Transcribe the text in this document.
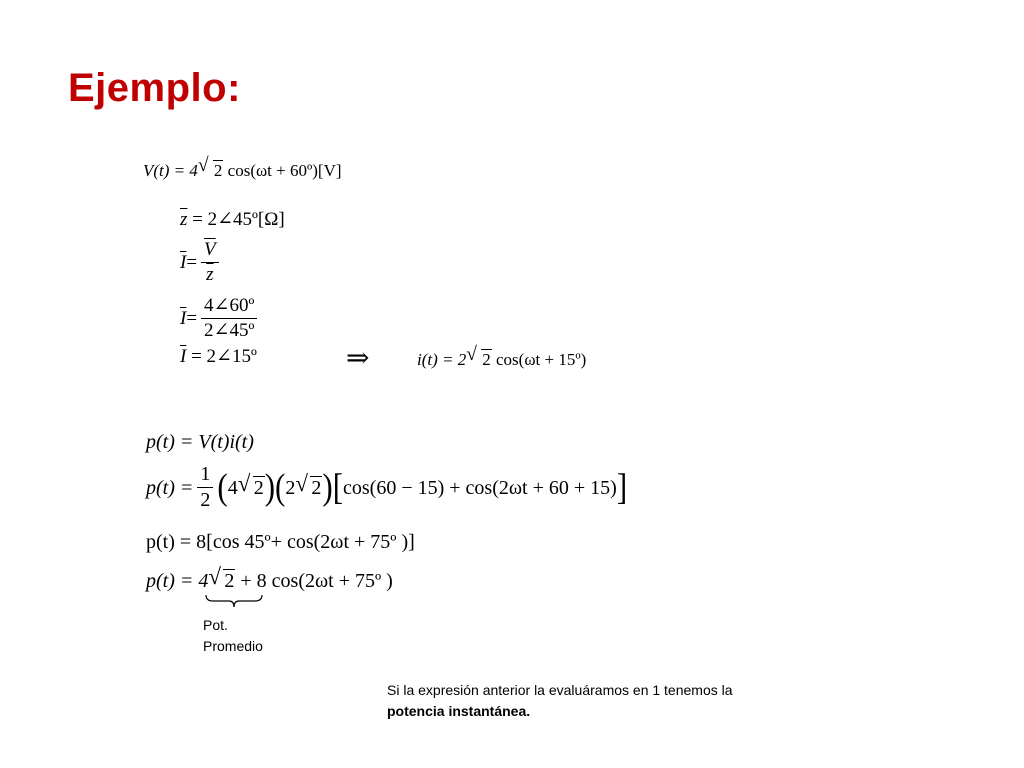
Ejemplo:
V(t) = 4 √ 2 cos(ωt + 60º)[V]
$\overline{z}$ = 2∠45º[Ω]
$\overline{I} = \frac{\overline{V}}{z}$
$\overline{I} = \frac{\text{4∠60º}}{\text{2∠45º}}$
$\overline{I}$ = 2∠15º	⇒	i(t) = 2 √ 2 cos(ωt + 15º)
p(t) = V(t)i(t)
$p(t) = \frac{1}{2}$ ( 4 √ 2 ) ( 2 √ 2 ) [ cos(60 − 15) + cos(2ωt + 60 + 15) ]
p(t) = 8[cos 45º+ cos(2ωt + 75º )]
p(t) = 4 √ 2 + 8 cos(2ωt + 75º )
Pot.
Promedio
Si la expresión anterior la evaluáramos en 1 tenemos la
potencia instantánea.
